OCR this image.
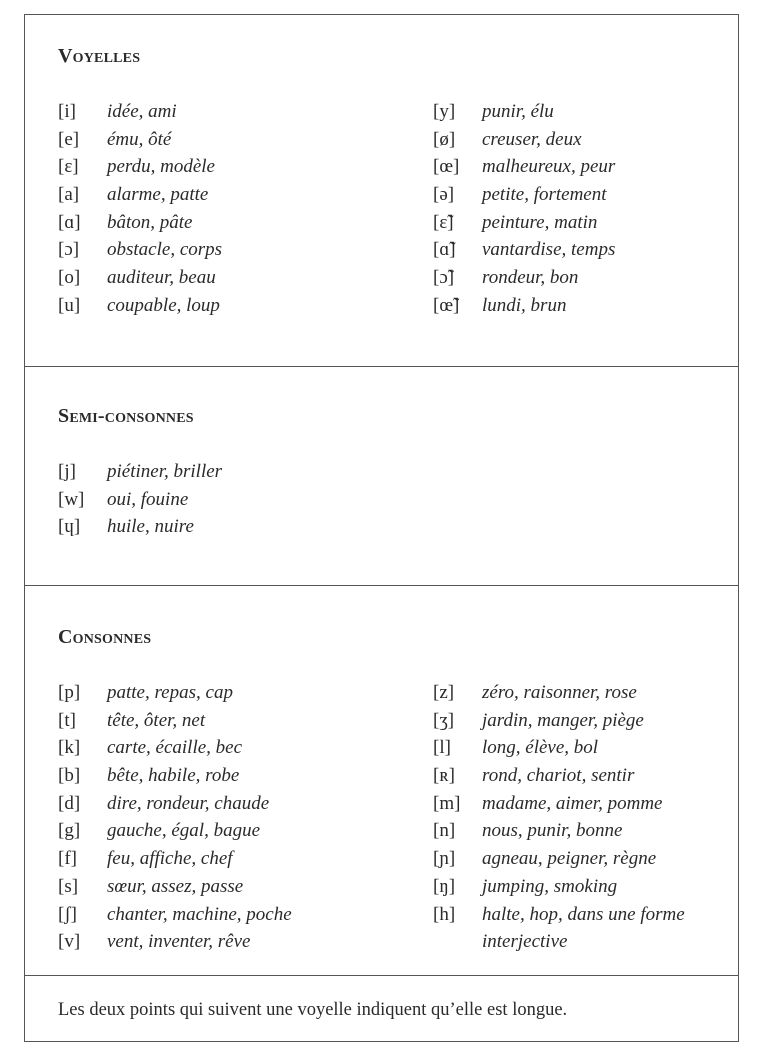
Voyelles
[i] idée, ami
[e] ému, ôté
[ɛ] perdu, modèle
[a] alarme, patte
[ɑ] bâton, pâte
[ɔ] obstacle, corps
[o] auditeur, beau
[u] coupable, loup
[y] punir, élu
[ø] creuser, deux
[œ] malheureux, peur
[ə] petite, fortement
[ɛ̃] peinture, matin
[ɑ̃] vantardise, temps
[ɔ̃] rondeur, bon
[œ̃] lundi, brun
Semi-consonnes
[j] piétiner, briller
[w] oui, fouine
[ɥ] huile, nuire
Consonnes
[p] patte, repas, cap
[t] tête, ôter, net
[k] carte, écaille, bec
[b] bête, habile, robe
[d] dire, rondeur, chaude
[g] gauche, égal, bague
[f] feu, affiche, chef
[s] sœur, assez, passe
[ʃ] chanter, machine, poche
[v] vent, inventer, rêve
[z] zéro, raisonner, rose
[ʒ] jardin, manger, piège
[l] long, élève, bol
[ʀ] rond, chariot, sentir
[m] madame, aimer, pomme
[n] nous, punir, bonne
[ɲ] agneau, peigner, règne
[ŋ] jumping, smoking
[h] halte, hop, dans une forme interjective
Les deux points qui suivent une voyelle indiquent qu’elle est longue.
